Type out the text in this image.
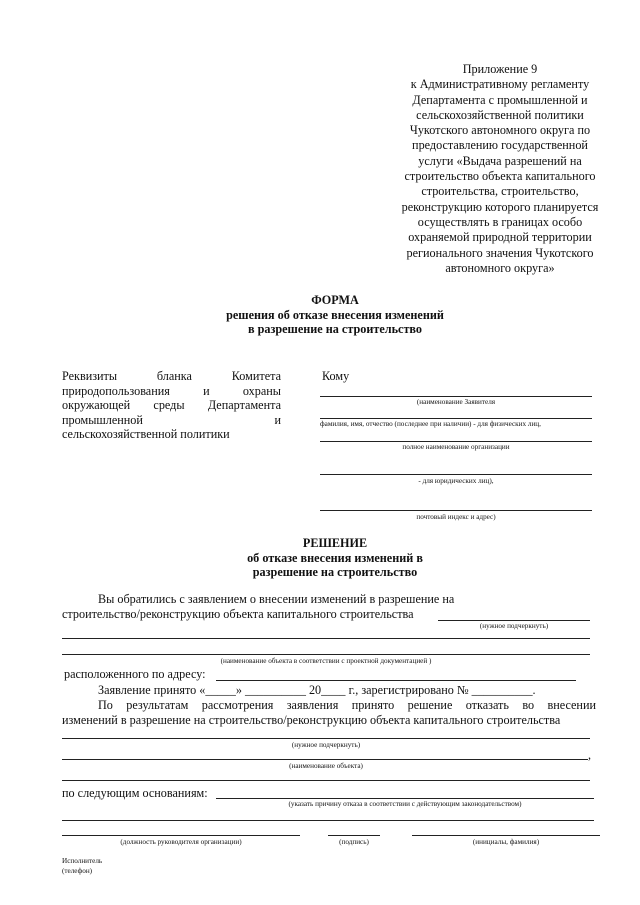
Приложение 9
к Административному регламенту
Департамента с промышленной и
сельскохозяйственной политики
Чукотского автономного округа по
предоставлению государственной
услуги «Выдача разрешений на
строительство объекта капитального
строительства, строительство,
реконструкцию которого планируется
осуществлять в границах особо
охраняемой природной территории
регионального значения Чукотского
автономного округа»
ФОРМА
решения об отказе внесения изменений
в разрешение на строительство
Реквизиты бланка Комитета
природопользования и охраны
окружающей среды Департамента
промышленной и
сельскохозяйственной политики
Кому
(наименование Заявителя
фамилия, имя, отчество (последнее при наличии) - для физических лиц,
полное наименование организации
- для юридических лиц),
почтовый индекс и адрес)
РЕШЕНИЕ
об отказе внесения изменений в
разрешение на строительство
Вы обратились с заявлением о внесении изменений в разрешение на
строительство/реконструкцию объекта капитального строительства
(нужное подчеркнуть)
(наименование объекта в соответствии с проектной документацией )
расположенного по адресу:
Заявление принято «_____» __________ 20____ г., зарегистрировано № __________.
По результатам рассмотрения заявления принято решение отказать во внесении
изменений в разрешение на строительство/реконструкцию объекта капитального строительства
(нужное подчеркнуть)
,
(наименование объекта)
по следующим основаниям:
(указать причину отказа в соответствии с действующим законодательством)
(должность руководителя организации)	(подпись)	(инициалы, фамилия)
Исполнитель
(телефон)
